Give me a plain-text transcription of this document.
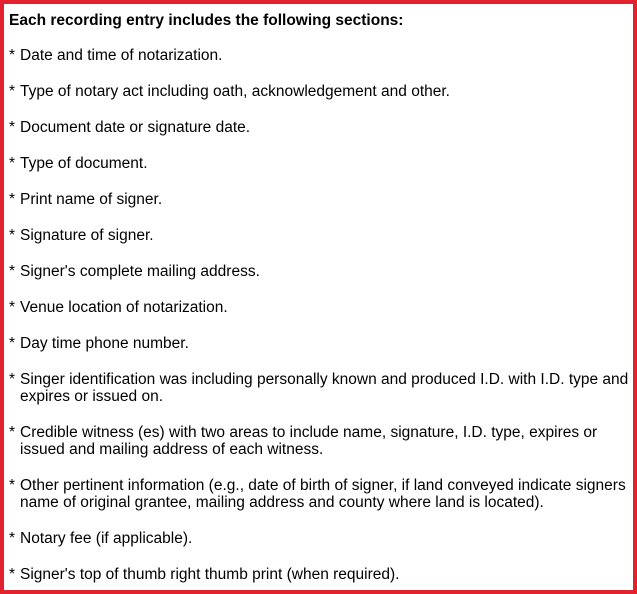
Each recording entry includes the following sections:
* Date and time of notarization.
* Type of notary act including oath, acknowledgement and other.
* Document date or signature date.
* Type of document.
* Print name of signer.
* Signature of signer.
* Signer's complete mailing address.
* Venue location of notarization.
* Day time phone number.
* Singer identification was including personally known and produced I.D. with I.D. type and expires or issued on.
* Credible witness (es) with two areas to include name, signature, I.D. type, expires or issued and mailing address of each witness.
* Other pertinent information (e.g., date of birth of signer, if land conveyed indicate signers name of original grantee, mailing address and county where land is located).
* Notary fee (if applicable).
* Signer's top of thumb right thumb print (when required).
